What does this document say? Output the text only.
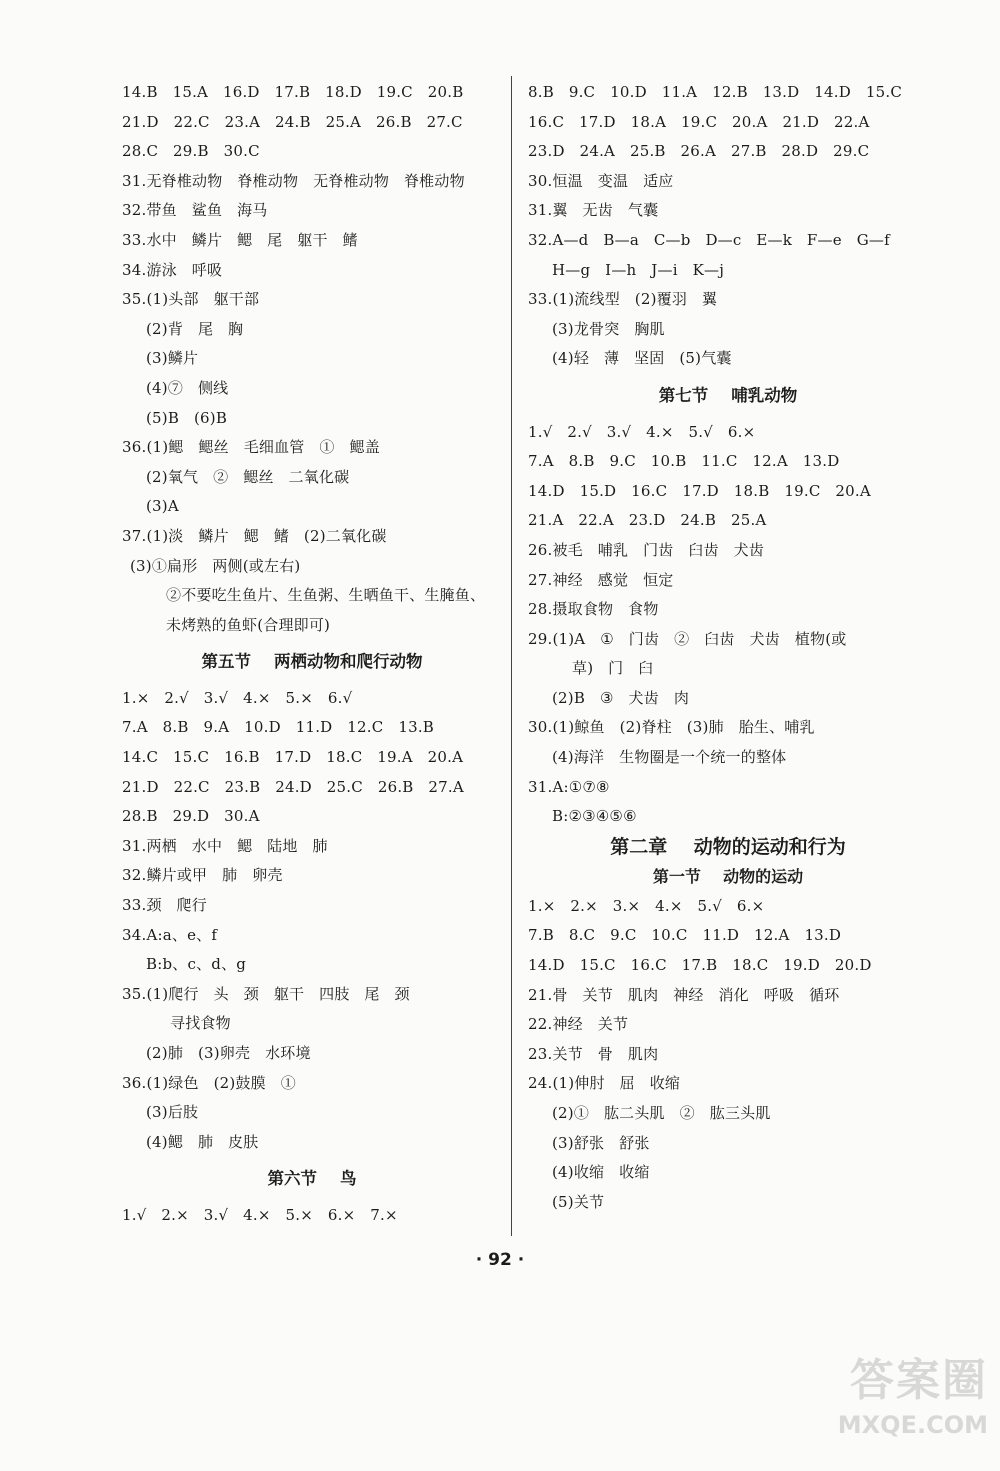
14.B   15.A   16.D   17.B   18.D   19.C   20.B
21.D   22.C   23.A   24.B   25.A   26.B   27.C
28.C   29.B   30.C
31.无脊椎动物   脊椎动物   无脊椎动物   脊椎动物
32.带鱼   鲨鱼   海马
33.水中   鳞片   鳃   尾   躯干   鳍
34.游泳   呼吸
35.(1)头部   躯干部
(2)背   尾   胸
(3)鳞片
(4)⑦   侧线
(5)B   (6)B
36.(1)鳃   鳃丝   毛细血管   ①   鳃盖
(2)氧气   ②   鳃丝   二氧化碳
(3)A
37.(1)淡   鳞片   鳃   鳍   (2)二氧化碳
(3)①扁形   两侧(或左右)
②不要吃生鱼片、生鱼粥、生晒鱼干、生腌鱼、
未烤熟的鱼虾(合理即可)
第五节    两栖动物和爬行动物
1.×   2.√   3.√   4.×   5.×   6.√
7.A   8.B   9.A   10.D   11.D   12.C   13.B
14.C   15.C   16.B   17.D   18.C   19.A   20.A
21.D   22.C   23.B   24.D   25.C   26.B   27.A
28.B   29.D   30.A
31.两栖   水中   鳃   陆地   肺
32.鳞片或甲   肺   卵壳
33.颈   爬行
34.A:a、e、f
B:b、c、d、g
35.(1)爬行   头   颈   躯干   四肢   尾   颈
寻找食物
(2)肺   (3)卵壳   水环境
36.(1)绿色   (2)鼓膜   ①
(3)后肢
(4)鳃   肺   皮肤
第六节    鸟
1.√   2.×   3.√   4.×   5.×   6.×   7.×
8.B   9.C   10.D   11.A   12.B   13.D   14.D   15.C
16.C   17.D   18.A   19.C   20.A   21.D   22.A
23.D   24.A   25.B   26.A   27.B   28.D   29.C
30.恒温   变温   适应
31.翼   无齿   气囊
32.A—d   B—a   C—b   D—c   E—k   F—e   G—f
H—g   I—h   J—i   K—j
33.(1)流线型   (2)覆羽   翼
(3)龙骨突   胸肌
(4)轻   薄   坚固   (5)气囊
第七节    哺乳动物
1.√   2.√   3.√   4.×   5.√   6.×
7.A   8.B   9.C   10.B   11.C   12.A   13.D
14.D   15.D   16.C   17.D   18.B   19.C   20.A
21.A   22.A   23.D   24.B   25.A
26.被毛   哺乳   门齿   臼齿   犬齿
27.神经   感觉   恒定
28.摄取食物   食物
29.(1)A   ①   门齿   ②   臼齿   犬齿   植物(或
草)   门   臼
(2)B   ③   犬齿   肉
30.(1)鲸鱼   (2)脊柱   (3)肺   胎生、哺乳
(4)海洋   生物圈是一个统一的整体
31.A:①⑦⑧
B:②③④⑤⑥
第二章    动物的运动和行为
第一节    动物的运动
1.×   2.×   3.×   4.×   5.√   6.×
7.B   8.C   9.C   10.C   11.D   12.A   13.D
14.D   15.C   16.C   17.B   18.C   19.D   20.D
21.骨   关节   肌肉   神经   消化   呼吸   循环
22.神经   关节
23.关节   骨   肌肉
24.(1)伸肘   屈   收缩
(2)①   肱二头肌   ②   肱三头肌
(3)舒张   舒张
(4)收缩   收缩
(5)关节
· 92 ·
答案圈
MXQE.COM
